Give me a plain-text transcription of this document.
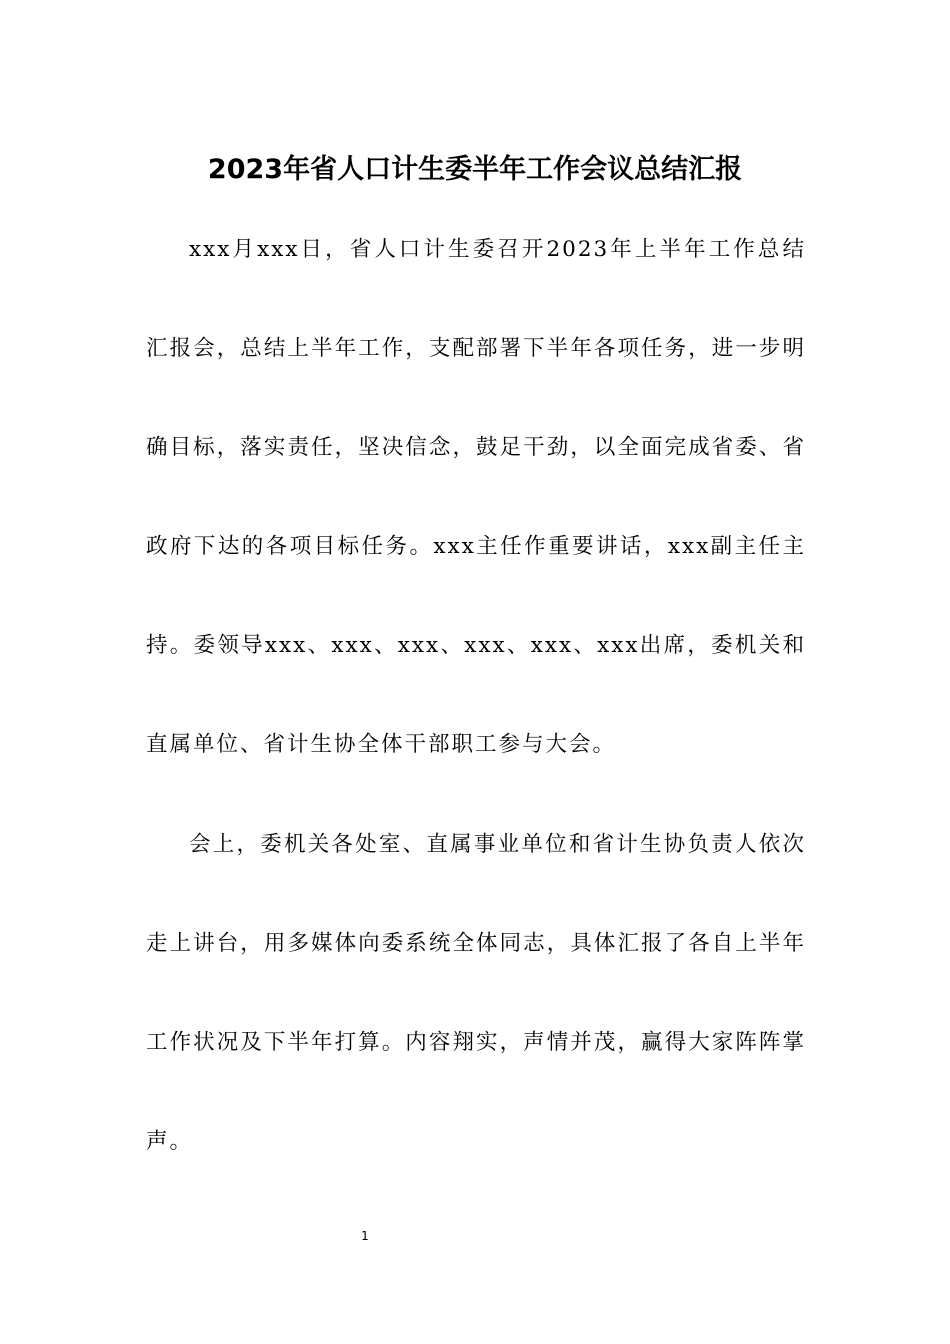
2023年省人口计生委半年工作会议总结汇报

xxx月xxx日，省人口计生委召开2023年上半年工作总结汇报会，总结上半年工作，支配部署下半年各项任务，进一步明确目标，落实责任，坚决信念，鼓足干劲，以全面完成省委、省政府下达的各项目标任务。xxx主任作重要讲话，xxx副主任主持。委领导xxx、xxx、xxx、xxx、xxx、xxx出席，委机关和直属单位、省计生协全体干部职工参与大会。

会上，委机关各处室、直属事业单位和省计生协负责人依次走上讲台，用多媒体向委系统全体同志，具体汇报了各自上半年工作状况及下半年打算。内容翔实，声情并茂，赢得大家阵阵掌声。

1
